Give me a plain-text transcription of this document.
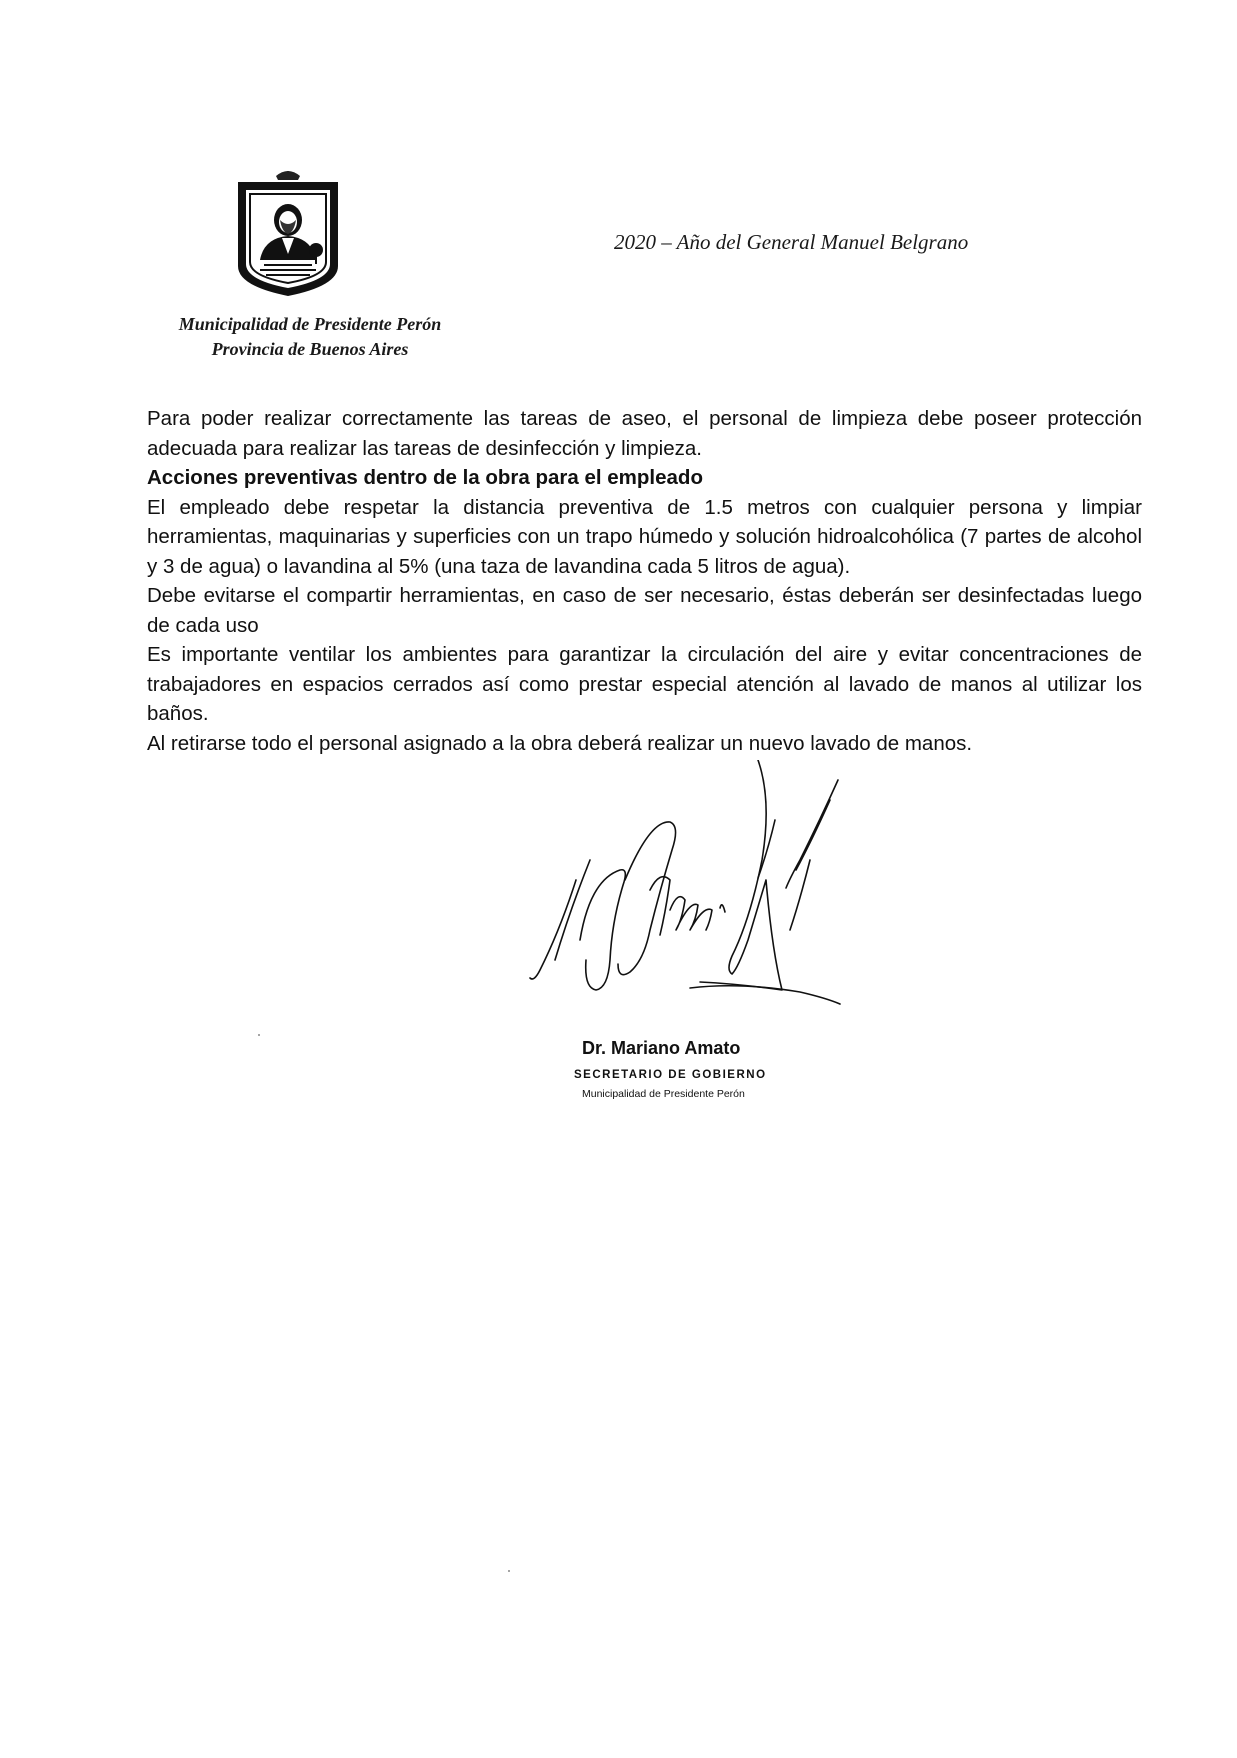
2020 – Año del General Manuel Belgrano
Municipalidad de Presidente Perón
Provincia de Buenos Aires

Para poder realizar correctamente las tareas de aseo, el personal de limpieza debe poseer protección adecuada para realizar las tareas de desinfección y limpieza.

Acciones preventivas dentro de la obra para el empleado

El empleado debe respetar la distancia preventiva de 1.5 metros con cualquier persona y limpiar herramientas, maquinarias y superficies con un trapo húmedo y solución hidroalcohólica (7 partes de alcohol y 3 de agua) o lavandina al 5% (una taza de lavandina cada 5 litros de agua).

Debe evitarse el compartir herramientas, en caso de ser necesario, éstas deberán ser desinfectadas luego de cada uso

Es importante ventilar los ambientes para garantizar la circulación del aire y evitar concentraciones de trabajadores en espacios cerrados así como prestar especial atención al lavado de manos al utilizar los baños.

Al retirarse todo el personal asignado a la obra deberá realizar un nuevo lavado de manos.

Dr. Mariano Amato
SECRETARIO DE GOBIERNO
Municipalidad de Presidente Perón
